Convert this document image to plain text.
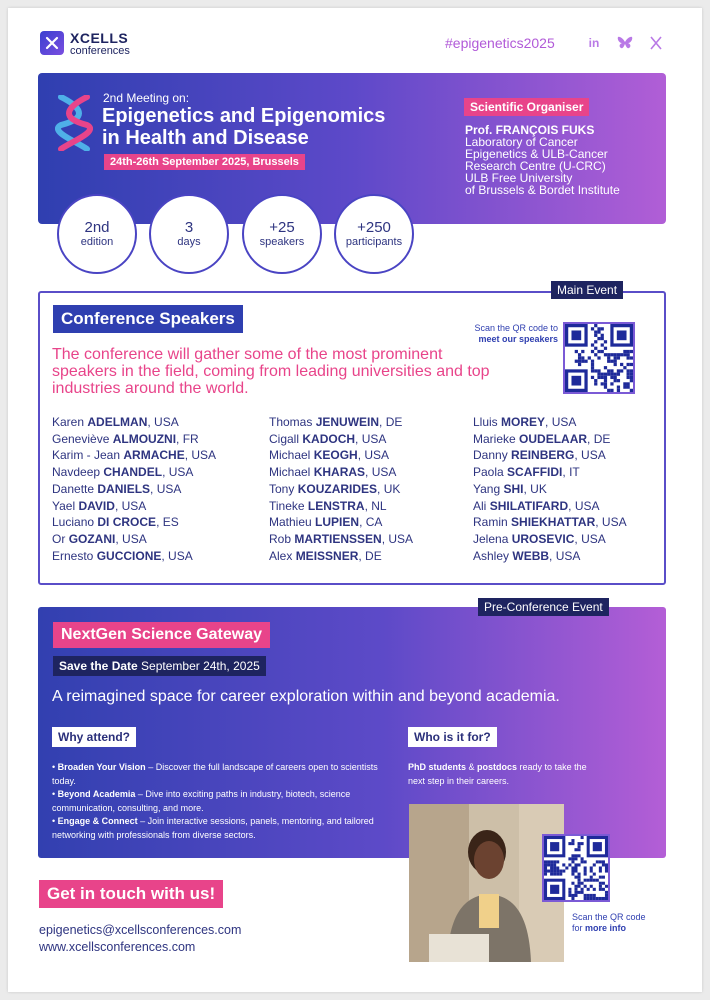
XCELLS
conferences	#epigenetics2025	in
2nd Meeting on:
Epigenetics and Epigenomics
in Health and Disease
24th-26th September 2025, Brussels
Scientific Organiser
Prof. FRANÇOIS FUKS
Laboratory of Cancer
Epigenetics & ULB-Cancer
Research Centre (U-CRC)
ULB Free University
of Brussels & Bordet Institute
2nd
edition
3
days
+25
speakers
+250
participants
Main Event
Conference Speakers	Scan the QR code to meet our speakers
The conference will gather some of the most prominent speakers in the field, coming from leading universities and top industries around the world.
Karen ADELMAN, USA
Geneviève ALMOUZNI, FR
Karim - Jean ARMACHE, USA
Navdeep CHANDEL, USA
Danette DANIELS, USA
Yael DAVID, USA
Luciano DI CROCE, ES
Or GOZANI, USA
Ernesto GUCCIONE, USA
Thomas JENUWEIN, DE
Cigall KADOCH, USA
Michael KEOGH, USA
Michael KHARAS, USA
Tony KOUZARIDES, UK
Tineke LENSTRA, NL
Mathieu LUPIEN, CA
Rob MARTIENSSEN, USA
Alex MEISSNER, DE
Lluis MOREY, USA
Marieke OUDELAAR, DE
Danny REINBERG, USA
Paola SCAFFIDI, IT
Yang SHI, UK
Ali SHILATIFARD, USA
Ramin SHIEKHATTAR, USA
Jelena UROSEVIC, USA
Ashley WEBB, USA
Pre-Conference Event
NextGen Science Gateway
Save the Date September 24th, 2025
A reimagined space for career exploration within and beyond academia.
Why attend?	Who is it for?
• Broaden Your Vision – Discover the full landscape of careers open to scientists today.
• Beyond Academia – Dive into exciting paths in industry, biotech, science communication, consulting, and more.
• Engage & Connect – Join interactive sessions, panels, mentoring, and tailored networking with professionals from diverse sectors.
PhD students & postdocs ready to take the next step in their careers.
Scan the QR code
for more info
Get in touch with us!
epigenetics@xcellsconferences.com
www.xcellsconferences.com
